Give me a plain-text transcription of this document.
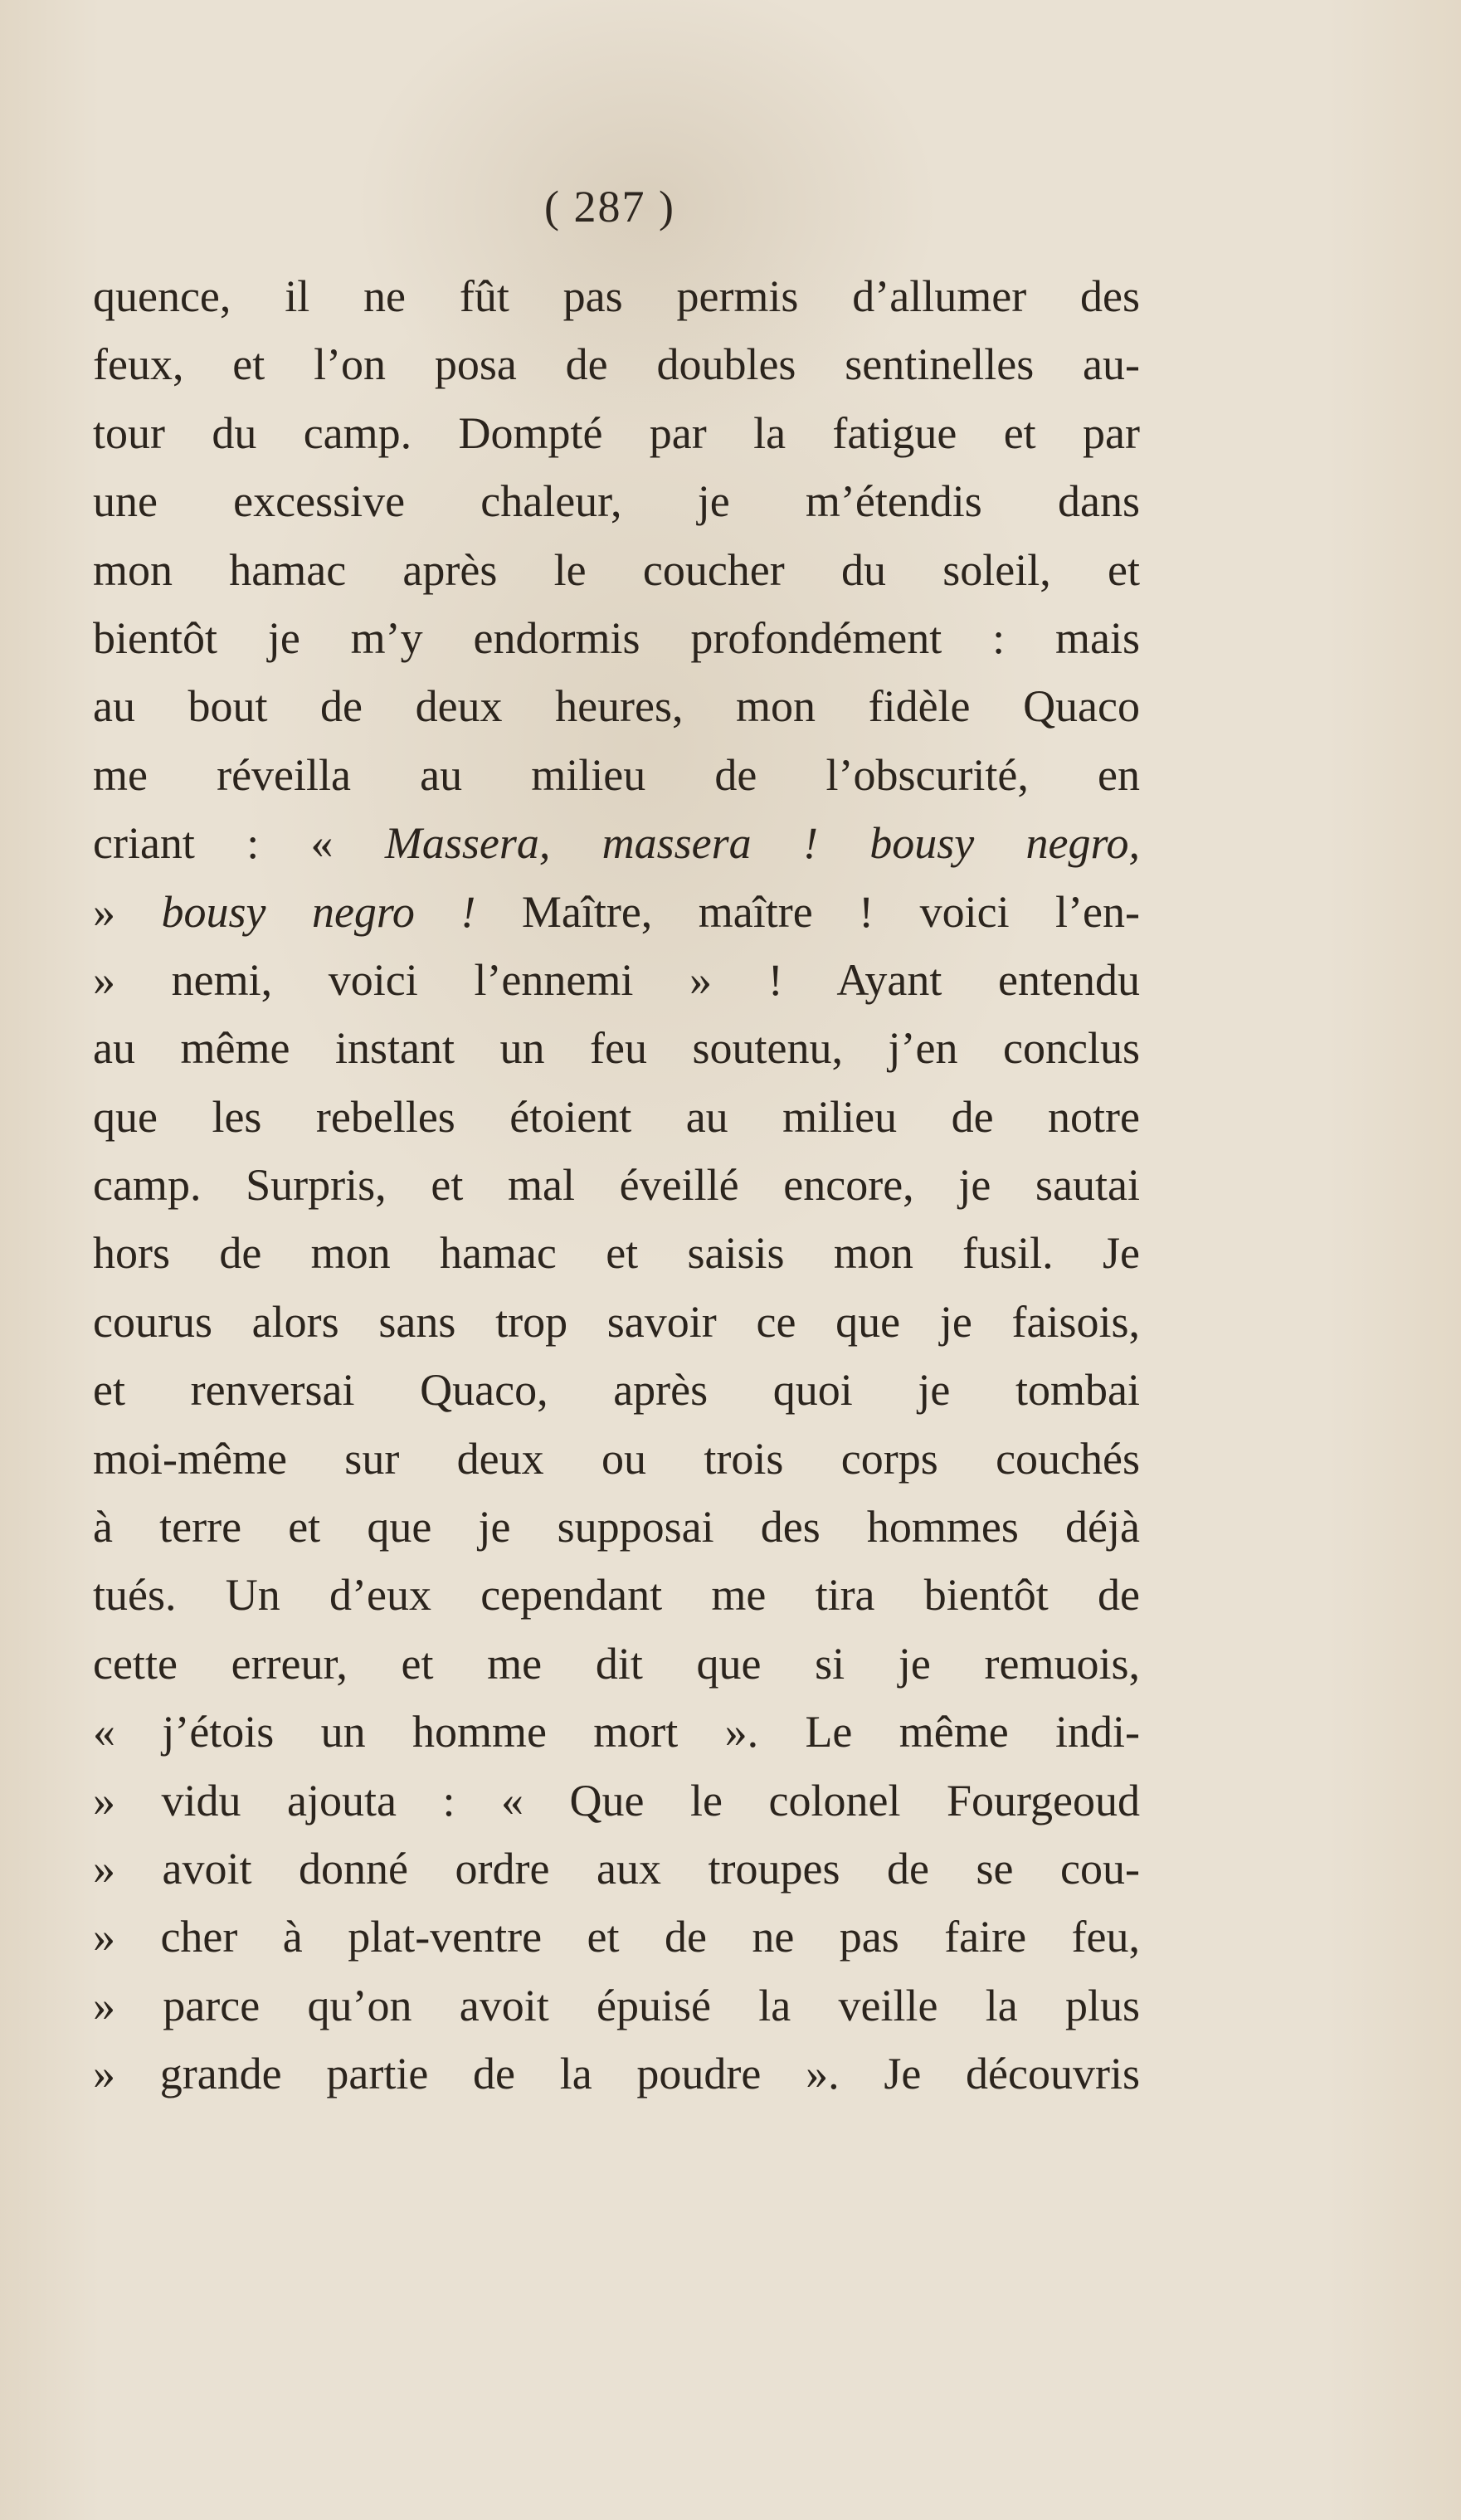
( 287 )
quence, il ne fût pas permis d’allumer des
feux, et l’on posa de doubles sentinelles au-
tour du camp. Dompté par la fatigue et par
une excessive chaleur, je m’étendis dans
mon hamac après le coucher du soleil, et
bientôt je m’y endormis profondément : mais
au bout de deux heures, mon fidèle Quaco
me réveilla au milieu de l’obscurité, en
criant : « Massera, massera ! bousy negro,
» bousy negro ! Maître, maître ! voici l’en-
» nemi, voici l’ennemi » ! Ayant entendu
au même instant un feu soutenu, j’en conclus
que les rebelles étoient au milieu de notre
camp. Surpris, et mal éveillé encore, je sautai
hors de mon hamac et saisis mon fusil. Je
courus alors sans trop savoir ce que je faisois,
et renversai Quaco, après quoi je tombai
moi-même sur deux ou trois corps couchés
à terre et que je supposai des hommes déjà
tués. Un d’eux cependant me tira bientôt de
cette erreur, et me dit que si je remuois,
« j’étois un homme mort ». Le même indi-
» vidu ajouta : « Que le colonel Fourgeoud
» avoit donné ordre aux troupes de se cou-
» cher à plat-ventre et de ne pas faire feu,
» parce qu’on avoit épuisé la veille la plus
» grande partie de la poudre ». Je découvris
